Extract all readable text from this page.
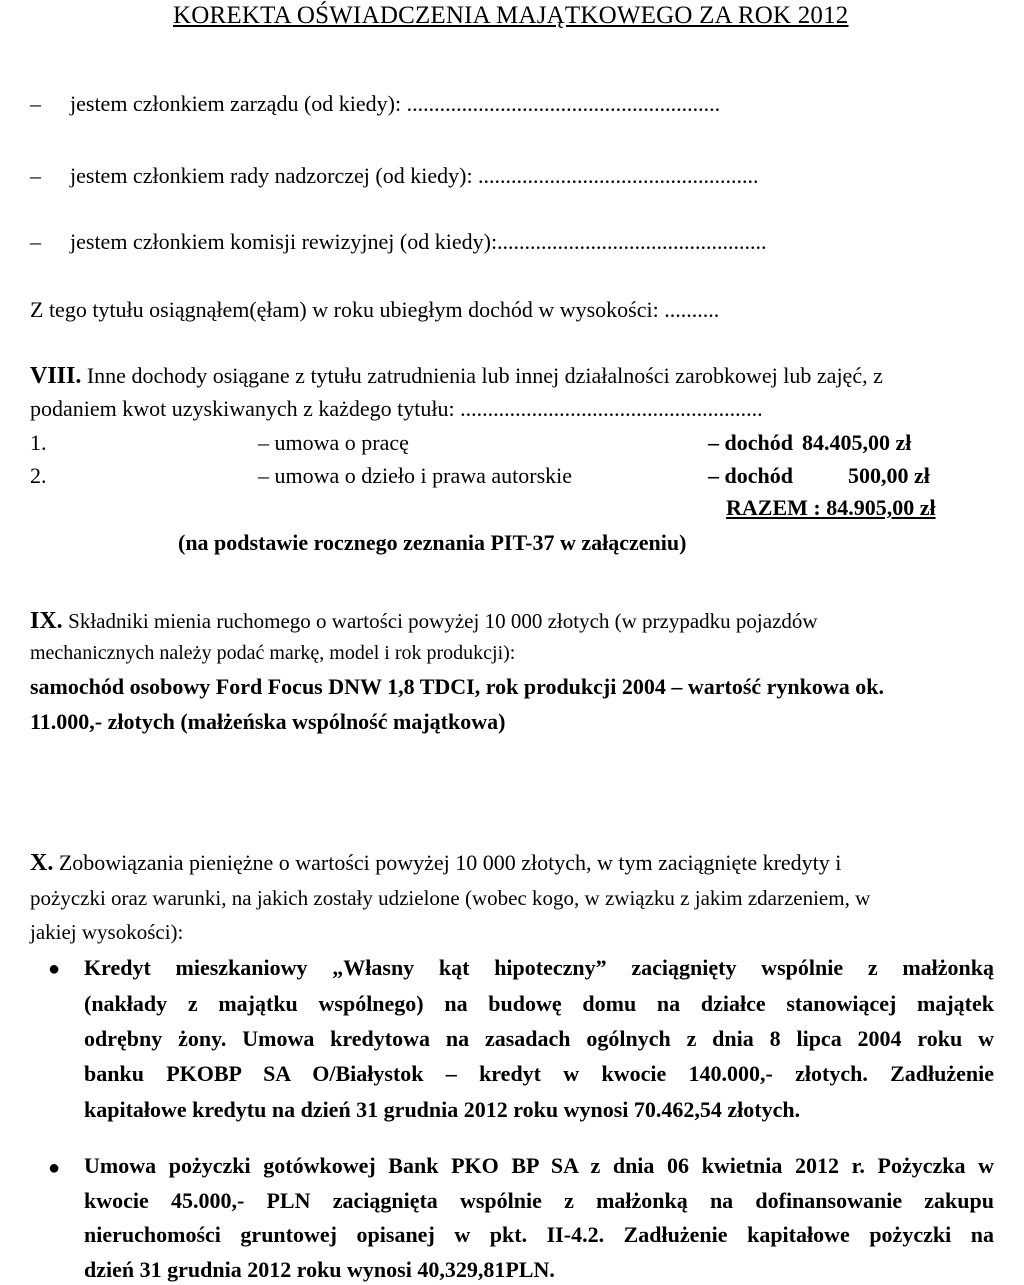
KOREKTA OŚWIADCZENIA MAJĄTKOWEGO ZA ROK 2012
– jestem członkiem zarządu (od kiedy): .........................................................
– jestem członkiem rady nadzorczej (od kiedy): ...................................................
– jestem członkiem komisji rewizyjnej (od kiedy):.................................................
Z tego tytułu osiągnąłem(ęłam) w roku ubiegłym dochód w wysokości: ..........
VIII. Inne dochody osiągane z tytułu zatrudnienia lub innej działalności zarobkowej lub zajęć, z
podaniem kwot uzyskiwanych z każdego tytułu: .......................................................
1.	– umowa o pracę	– dochód 84.405,00 zł
2.	– umowa o dzieło i prawa autorskie	– dochód	500,00 zł
RAZEM : 84.905,00 zł
(na podstawie rocznego zeznania PIT-37 w załączeniu)
IX. Składniki mienia ruchomego o wartości powyżej 10 000 złotych (w przypadku pojazdów
mechanicznych należy podać markę, model i rok produkcji):
samochód osobowy Ford Focus DNW 1,8 TDCI, rok produkcji 2004 – wartość rynkowa ok.
11.000,- złotych (małżeńska wspólność majątkowa)
X. Zobowiązania pieniężne o wartości powyżej 10 000 złotych, w tym zaciągnięte kredyty i
pożyczki oraz warunki, na jakich zostały udzielone (wobec kogo, w związku z jakim zdarzeniem, w
jakiej wysokości):
● Kredyt mieszkaniowy „Własny kąt hipoteczny” zaciągnięty wspólnie z małżonką
(nakłady z majątku wspólnego) na budowę domu na działce stanowiącej majątek
odrębny żony. Umowa kredytowa na zasadach ogólnych z dnia 8 lipca 2004 roku w
banku PKOBP SA O/Białystok – kredyt w kwocie 140.000,- złotych. Zadłużenie
kapitałowe kredytu na dzień 31 grudnia 2012 roku wynosi 70.462,54 złotych.
● Umowa pożyczki gotówkowej Bank PKO BP SA z dnia 06 kwietnia 2012 r. Pożyczka w
kwocie 45.000,- PLN zaciągnięta wspólnie z małżonką na dofinansowanie zakupu
nieruchomości gruntowej opisanej w pkt. II-4.2. Zadłużenie kapitałowe pożyczki na
dzień 31 grudnia 2012 roku wynosi 40,329,81PLN.
